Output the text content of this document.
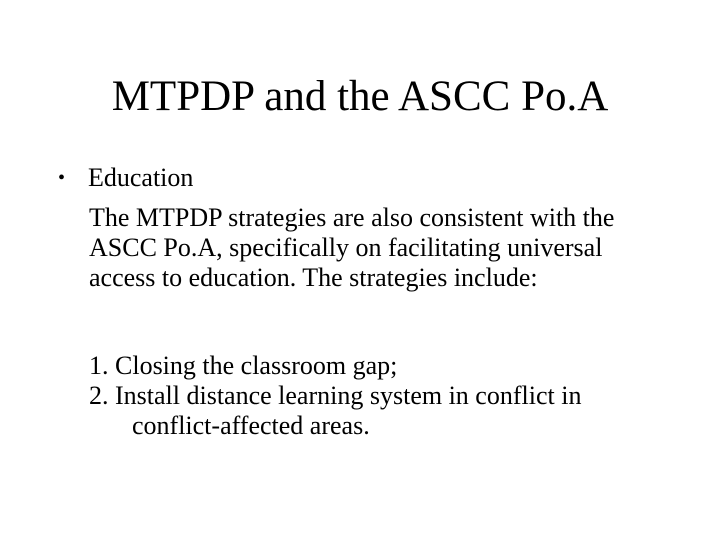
MTPDP and the ASCC Po.A
• Education
The MTPDP strategies are also consistent with the
ASCC Po.A, specifically on facilitating universal
access to education. The strategies include:
1. Closing the classroom gap;
2. Install distance learning system in conflict in
conflict-affected areas.
